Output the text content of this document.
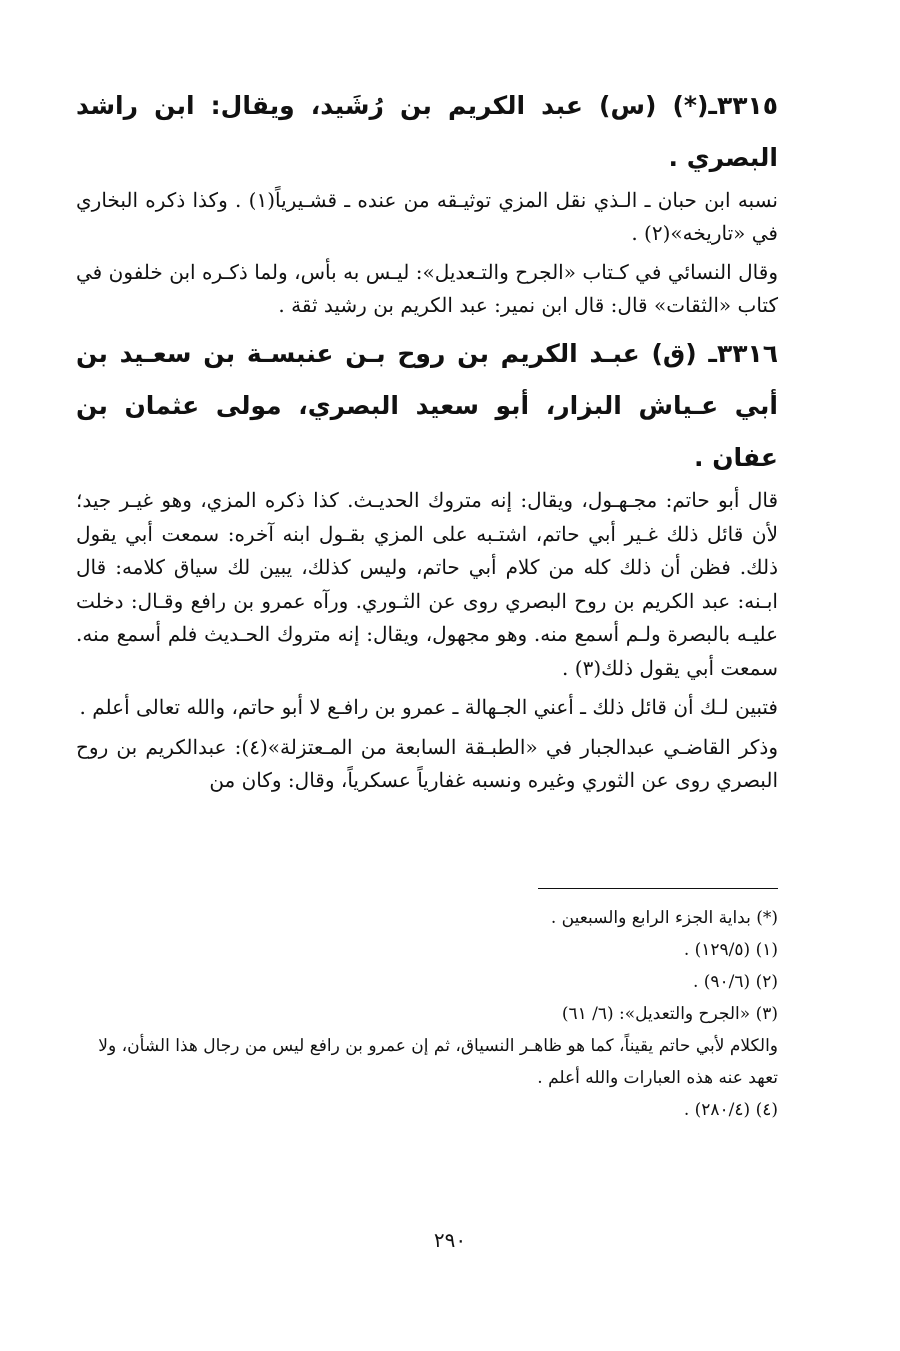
٣٣١٥ـ(*) (س) عبد الكريم بن رُشَيد، ويقال: ابن راشد البصري .

نسبه ابن حبان ـ الـذي نقل المزي توثيـقه من عنده ـ قشـيرياً(١) . وكذا ذكره البخاري في «تاريخه»(٢) .

وقال النسائي في كـتاب «الجرح والتـعديل»: ليـس به بأس، ولما ذكـره ابن خلفون في كتاب «الثقات» قال: قال ابن نمير: عبد الكريم بن رشيد ثقة .

٣٣١٦ـ (ق) عبـد الكريم بن روح بـن عنبسـة بن سعـيد بن أبي عـياش البزار، أبو سعيد البصري، مولى عثمان بن عفان .

قال أبو حاتم: مجـهـول، ويقال: إنه متروك الحديـث. كذا ذكره المزي، وهو غيـر جيد؛ لأن قائل ذلك غـير أبي حاتم، اشتـبه على المزي بقـول ابنه آخره: سمعت أبي يقول ذلك. فظن أن ذلك كله من كلام أبي حاتم، وليس كذلك، يبين لك سياق كلامه: قال ابـنه: عبد الكريم بن روح البصري روى عن الثـوري. ورآه عمرو بن رافع وقـال: دخلت عليـه بالبصرة ولـم أسمع منه. وهو مجهول، ويقال: إنه متروك الحـديث فلم أسمع منه. سمعت أبي يقول ذلك(٣) .

فتبين لـك أن قائل ذلك ـ أعني الجـهالة ـ عمرو بن رافـع لا أبو حاتم، والله تعالى أعلم .

وذكر القاضـي عبدالجبار في «الطبـقة السابعة من المـعتزلة»(٤): عبدالكريم بن روح البصري روى عن الثوري وغيره ونسبه غفارياً عسكرياً، وقال: وكان من

(*) بداية الجزء الرابع والسبعين .

(١) (١٢٩/٥) .

(٢) (٩٠/٦) .

(٣) «الجرح والتعديل»: (٦/ ٦١)

والكلام لأبي حاتم يقيناً، كما هو ظاهـر النسياق، ثم إن عمرو بن رافع ليس من رجال هذا الشأن، ولا تعهد عنه هذه العبارات والله أعلم .

(٤) (٢٨٠/٤) .

٢٩٠
